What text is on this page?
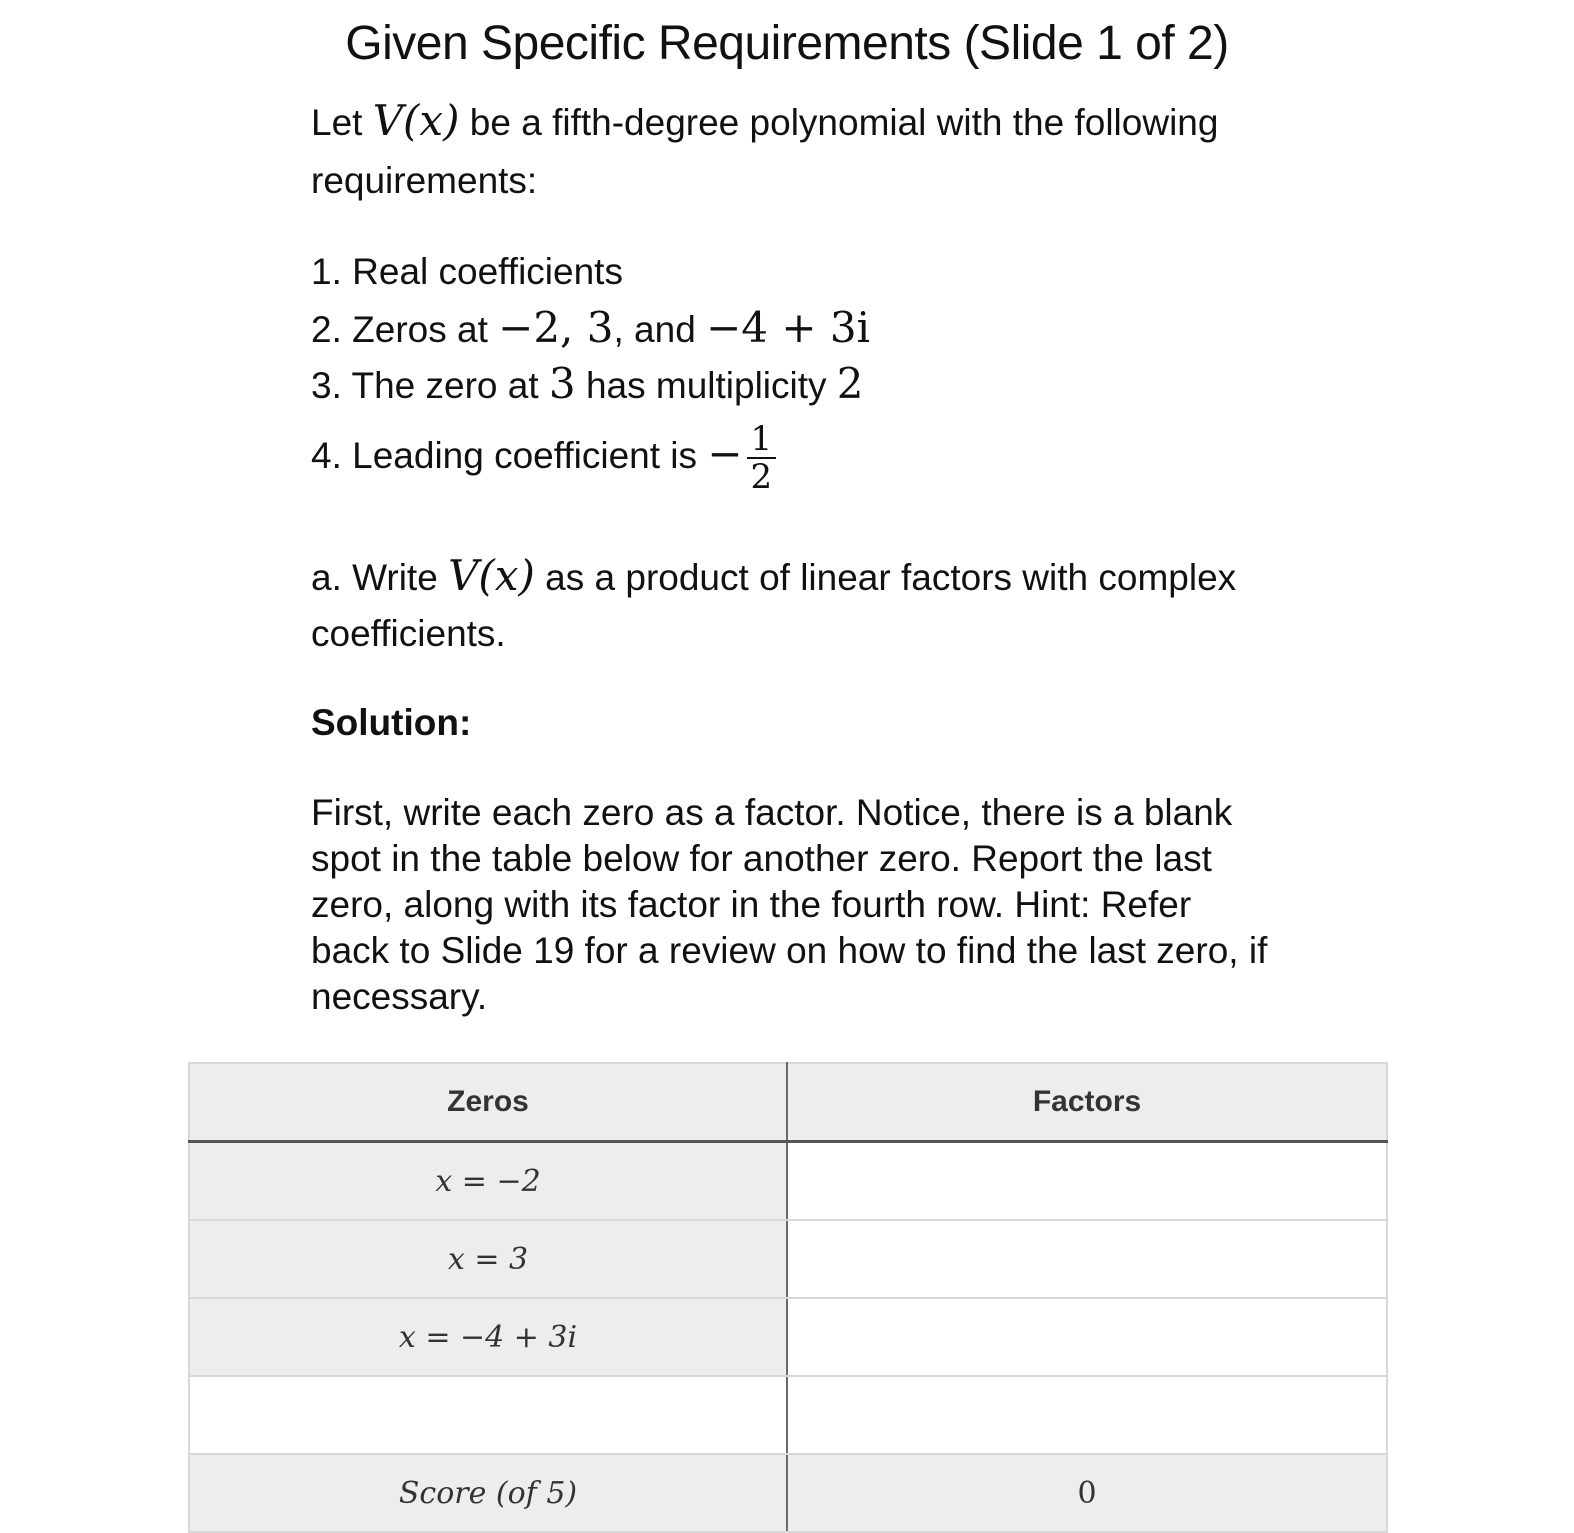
Given Specific Requirements (Slide 1 of 2)
Let V(x) be a fifth-degree polynomial with the following requirements:
1. Real coefficients
2. Zeros at −2, 3, and −4 + 3i
3. The zero at 3 has multiplicity 2
4. Leading coefficient is − $\frac{1}{2}$
a. Write V(x) as a product of linear factors with complex coefficients.
Solution:
First, write each zero as a factor. Notice, there is a blank spot in the table below for another zero. Report the last zero, along with its factor in the fourth row. Hint: Refer back to Slide 19 for a review on how to find the last zero, if necessary.
Zeros	Factors
x = −2	
x = 3	
x = −4 + 3i	

Score (of 5)	0
